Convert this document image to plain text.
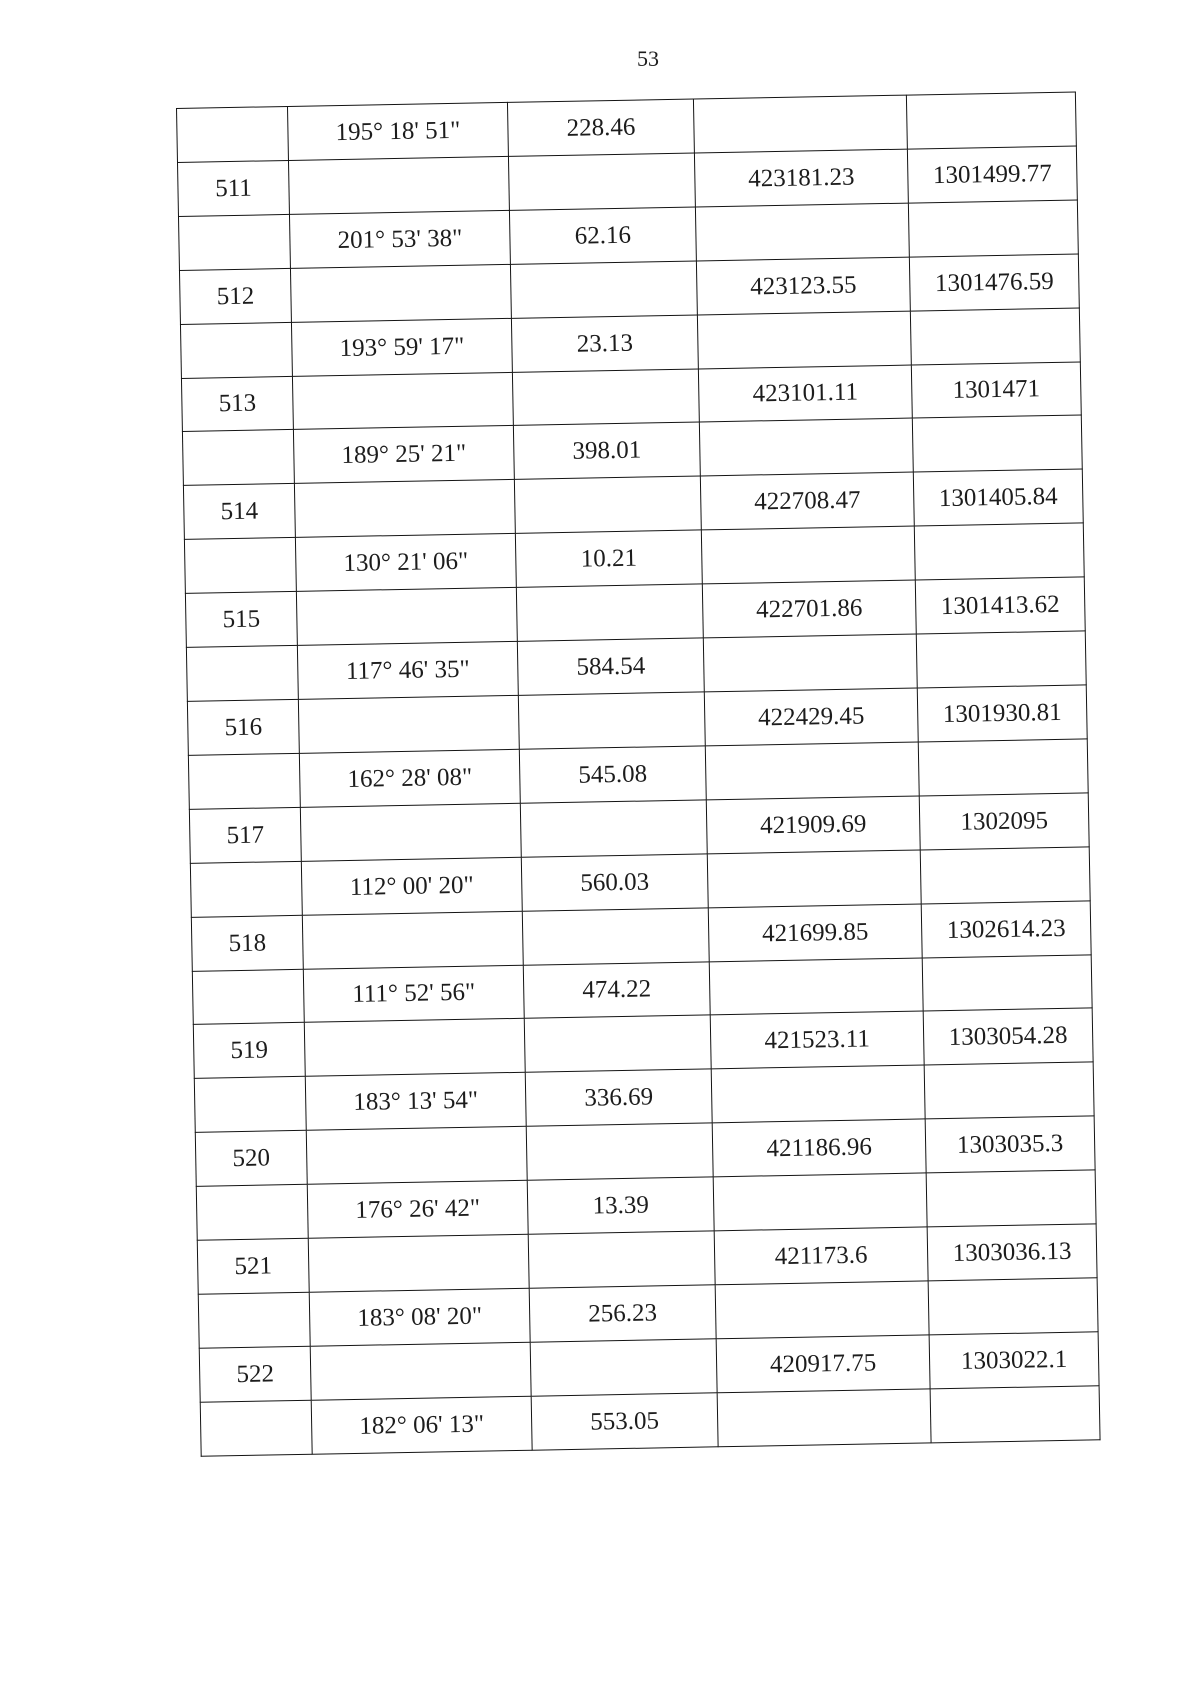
53
	195° 18' 51"	228.46		
511			423181.23	1301499.77
	201° 53' 38"	62.16		
512			423123.55	1301476.59
	193° 59' 17"	23.13		
513			423101.11	1301471
	189° 25' 21"	398.01		
514			422708.47	1301405.84
	130° 21' 06"	10.21		
515			422701.86	1301413.62
	117° 46' 35"	584.54		
516			422429.45	1301930.81
	162° 28' 08"	545.08		
517			421909.69	1302095
	112° 00' 20"	560.03		
518			421699.85	1302614.23
	111° 52' 56"	474.22		
519			421523.11	1303054.28
	183° 13' 54"	336.69		
520			421186.96	1303035.3
	176° 26' 42"	13.39		
521			421173.6	1303036.13
	183° 08' 20"	256.23		
522			420917.75	1303022.1
	182° 06' 13"	553.05		
